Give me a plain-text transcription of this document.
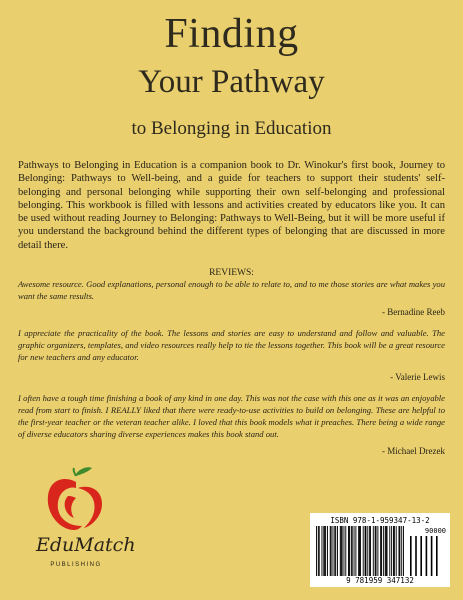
Finding
Your Pathway
to Belonging in Education
Pathways to Belonging in Education is a companion book to Dr. Winokur's first book, Journey to Belonging: Pathways to Well-being, and a guide for teachers to support their students' self-belonging and personal belonging while supporting their own self-belonging and professional belonging. This workbook is filled with lessons and activities created by educators like you. It can be used without reading Journey to Belonging: Pathways to Well-Being, but it will be more useful if you understand the background behind the different types of belonging that are discussed in more detail there.
REVIEWS:
Awesome resource. Good explanations, personal enough to be able to relate to, and to me those stories are what makes you want the same results.
- Bernadine Reeb
I appreciate the practicality of the book. The lessons and stories are easy to understand and follow and valuable. The graphic organizers, templates, and video resources really help to tie the lessons together. This book will be a great resource for new teachers and any educator.
- Valerie Lewis
I often have a tough time finishing a book of any kind in one day. This was not the case with this one as it was an enjoyable read from start to finish. I REALLY liked that there were ready-to-use activities to build on belonging. These are helpful to the first-year teacher or the veteran teacher alike. I loved that this book models what it preaches. There being a wide range of diverse educators sharing diverse experiences makes this book stand out.
- Michael Drezek
EduMatch
PUBLISHING
ISBN 978-1-959347-13-2
90000
9 781959 347132
